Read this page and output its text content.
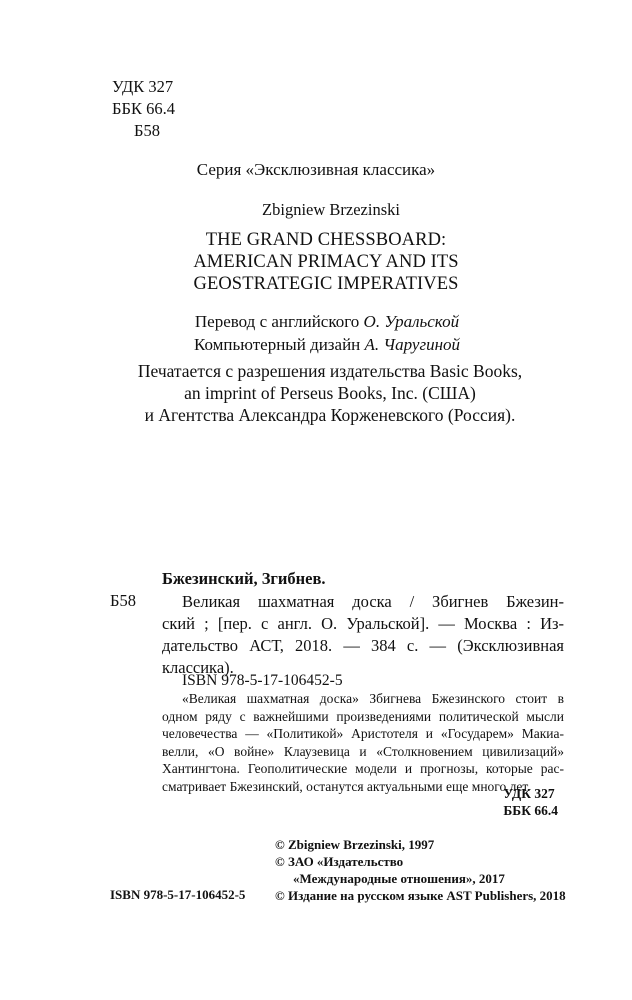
УДК 327
ББК 66.4
Б58
Серия «Эксклюзивная классика»
Zbigniew Brzezinski
THE GRAND CHESSBOARD:
AMERICAN PRIMACY AND ITS
GEOSTRATEGIC IMPERATIVES
Перевод с английского О. Уральской
Компьютерный дизайн А. Чаругиной
Печатается с разрешения издательства Basic Books,
an imprint of Perseus Books, Inc. (США)
и Агентства Александра Корженевского (Россия).
Бжезинский, Згибнев.
Б58	Великая шахматная доска / Збигнев Бжезин-
ский ; [пер. с англ. О. Уральской]. — Москва : Из-
дательство АСТ, 2018. — 384 с. — (Эксклюзивная
классика).
ISBN 978-5-17-106452-5
«Великая шахматная доска» Збигнева Бжезинского стоит в
одном ряду с важнейшими произведениями политической мысли
человечества — «Политикой» Аристотеля и «Государем» Макиа-
велли, «О войне» Клаузевица и «Столкновением цивилизаций»
Хантингтона. Геополитические модели и прогнозы, которые рас-
сматривает Бжезинский, останутся актуальными еще много лет.
УДК 327
ББК 66.4
© Zbigniew Brzezinski, 1997
© ЗАО «Издательство
«Международные отношения», 2017
© Издание на русском языке AST Publishers, 2018
ISBN 978-5-17-106452-5
